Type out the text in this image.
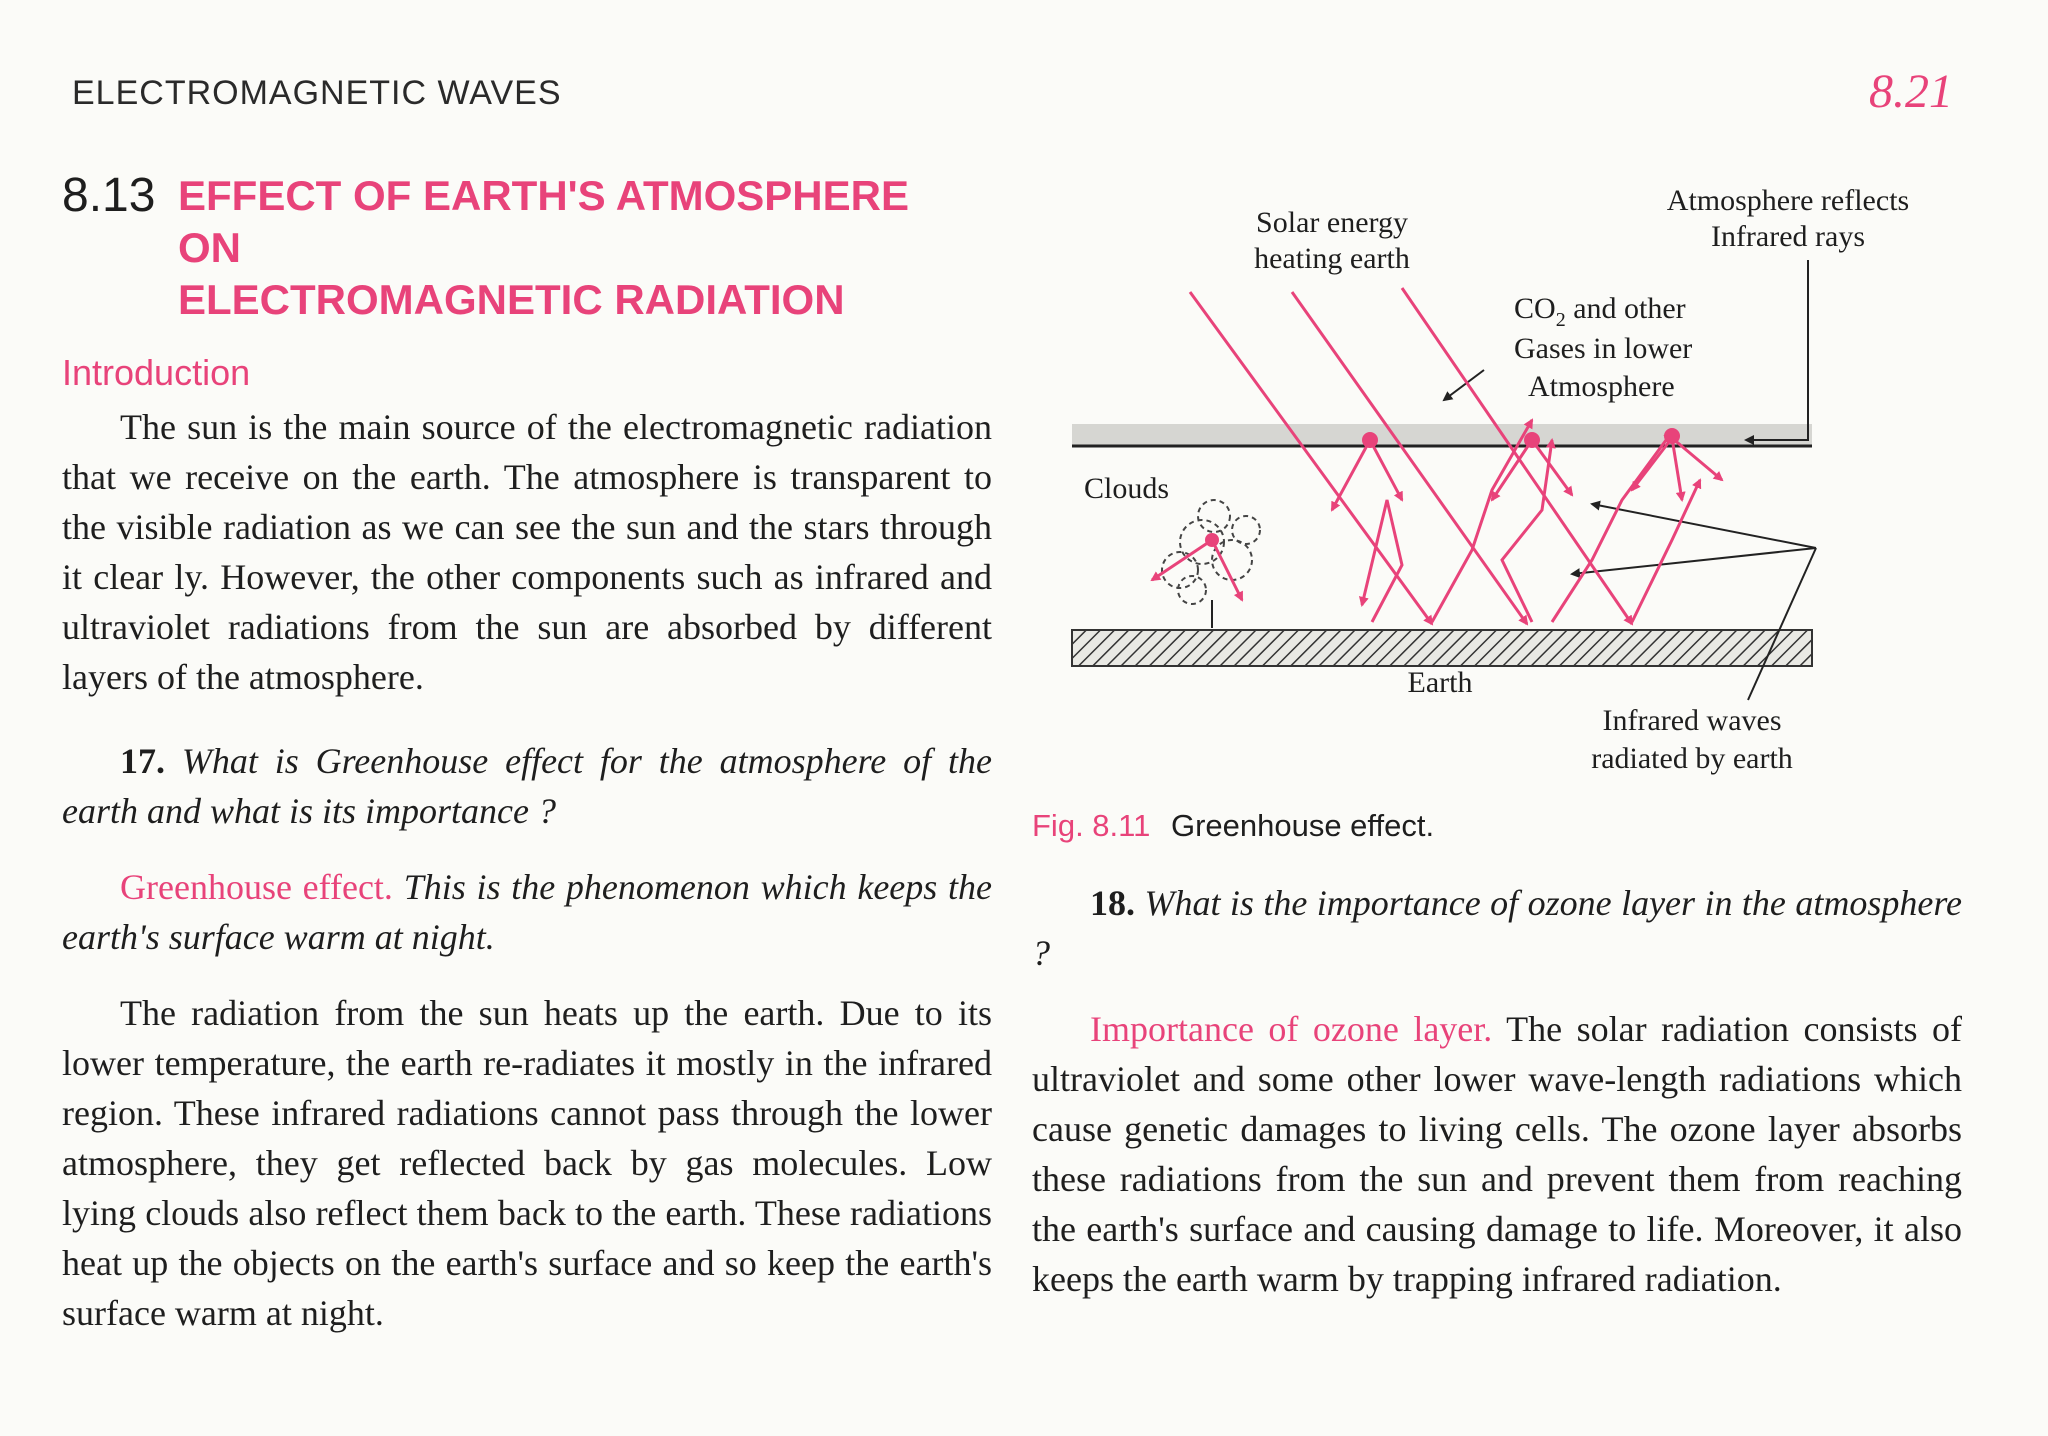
ELECTROMAGNETIC WAVES	8.21
8.13 EFFECT OF EARTH'S ATMOSPHERE ON
ELECTROMAGNETIC RADIATION
Introduction

The sun is the main source of the electromagnetic radiation that we receive on the earth. The atmosphere is transparent to the visible radiation as we can see the sun and the stars through it clear ly. However, the other components such as infrared and ultraviolet radiations from the sun are absorbed by different layers of the atmosphere.

17. What is Greenhouse effect for the atmosphere of the earth and what is its importance ?

Greenhouse effect. This is the phenomenon which keeps the earth's surface warm at night.

The radiation from the sun heats up the earth. Due to its lower temperature, the earth re-radiates it mostly in the infrared region. These infrared radiations cannot pass through the lower atmosphere, they get reflected back by gas molecules. Low lying clouds also reflect them back to the earth. These radiations heat up the objects on the earth's surface and so keep the earth's surface warm at night.

Solar energy
heating earth
Atmosphere reflects
Infrared rays
$CO_2$ and other
Gases in lower
Atmosphere
Clouds
Earth
Infrared waves
radiated by earth
Fig. 8.11 Greenhouse effect.

18. What is the importance of ozone layer in the atmosphere ?

Importance of ozone layer. The solar radiation consists of ultraviolet and some other lower wave-length radiations which cause genetic damages to living cells. The ozone layer absorbs these radiations from the sun and prevent them from reaching the earth's surface and causing damage to life. Moreover, it also keeps the earth warm by trapping infrared radiation.
